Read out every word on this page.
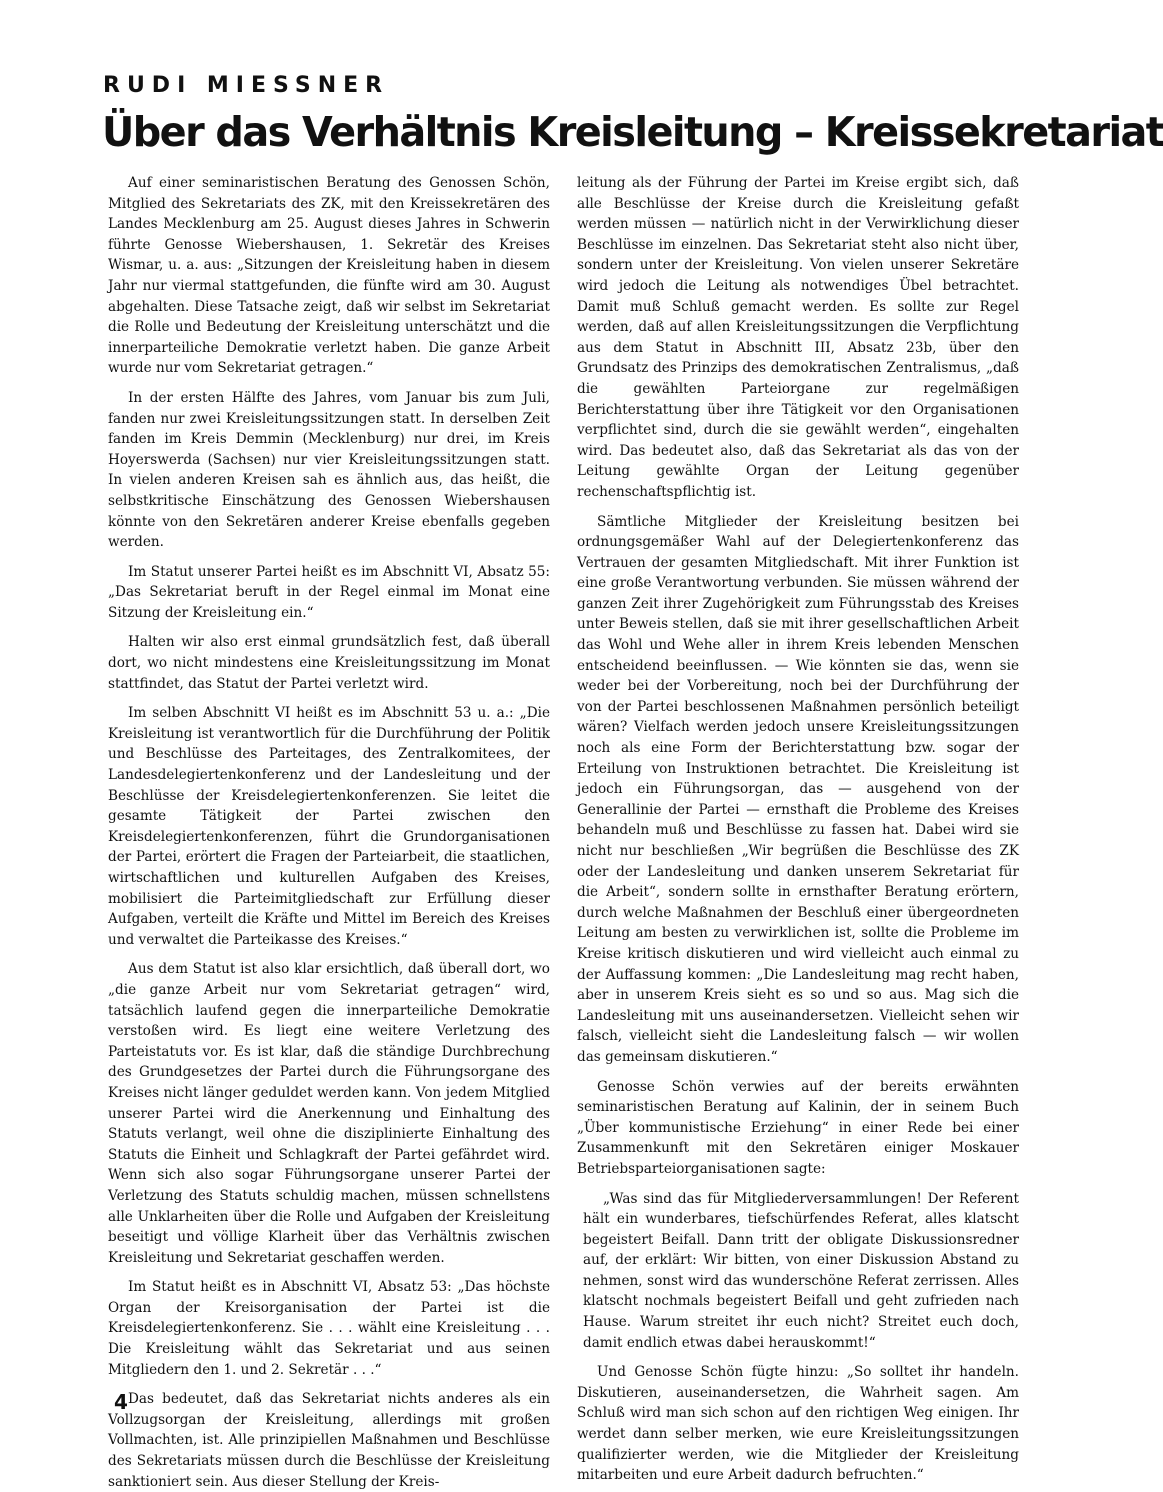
RUDI MIESSNER
Über das Verhältnis Kreisleitung – Kreissekretariat

Auf einer seminaristischen Beratung des Genossen Schön, Mitglied des Sekretariats des ZK, mit den Kreissekretären des Landes Mecklenburg am 25. August dieses Jahres in Schwerin führte Genosse Wiebershausen, 1. Sekretär des Kreises Wismar, u. a. aus: „Sitzungen der Kreisleitung haben in diesem Jahr nur viermal stattgefunden, die fünfte wird am 30. August abgehalten. Diese Tatsache zeigt, daß wir selbst im Sekretariat die Rolle und Bedeutung der Kreisleitung unterschätzt und die innerparteiliche Demokratie verletzt haben. Die ganze Arbeit wurde nur vom Sekretariat getragen.“

In der ersten Hälfte des Jahres, vom Januar bis zum Juli, fanden nur zwei Kreisleitungssitzungen statt. In derselben Zeit fanden im Kreis Demmin (Mecklenburg) nur drei, im Kreis Hoyerswerda (Sachsen) nur vier Kreisleitungssitzungen statt. In vielen anderen Kreisen sah es ähnlich aus, das heißt, die selbstkritische Einschätzung des Genossen Wiebershausen könnte von den Sekretären anderer Kreise ebenfalls gegeben werden.

Im Statut unserer Partei heißt es im Abschnitt VI, Absatz 55: „Das Sekretariat beruft in der Regel einmal im Monat eine Sitzung der Kreisleitung ein.“

Halten wir also erst einmal grundsätzlich fest, daß überall dort, wo nicht mindestens eine Kreisleitungssitzung im Monat stattfindet, das Statut der Partei verletzt wird.

Im selben Abschnitt VI heißt es im Abschnitt 53 u. a.: „Die Kreisleitung ist verantwortlich für die Durchführung der Politik und Beschlüsse des Parteitages, des Zentralkomitees, der Landesdelegiertenkonferenz und der Landesleitung und der Beschlüsse der Kreisdelegiertenkonferenzen. Sie leitet die gesamte Tätigkeit der Partei zwischen den Kreisdelegiertenkonferenzen, führt die Grundorganisationen der Partei, erörtert die Fragen der Parteiarbeit, die staatlichen, wirtschaftlichen und kulturellen Aufgaben des Kreises, mobilisiert die Parteimitgliedschaft zur Erfüllung dieser Aufgaben, verteilt die Kräfte und Mittel im Bereich des Kreises und verwaltet die Parteikasse des Kreises.“

Aus dem Statut ist also klar ersichtlich, daß überall dort, wo „die ganze Arbeit nur vom Sekretariat getragen“ wird, tatsächlich laufend gegen die innerparteiliche Demokratie verstoßen wird. Es liegt eine weitere Verletzung des Parteistatuts vor. Es ist klar, daß die ständige Durchbrechung des Grundgesetzes der Partei durch die Führungsorgane des Kreises nicht länger geduldet werden kann. Von jedem Mitglied unserer Partei wird die Anerkennung und Einhaltung des Statuts verlangt, weil ohne die disziplinierte Einhaltung des Statuts die Einheit und Schlagkraft der Partei gefährdet wird. Wenn sich also sogar Führungsorgane unserer Partei der Verletzung des Statuts schuldig machen, müssen schnellstens alle Unklarheiten über die Rolle und Aufgaben der Kreisleitung beseitigt und völlige Klarheit über das Verhältnis zwischen Kreisleitung und Sekretariat geschaffen werden.

Im Statut heißt es in Abschnitt VI, Absatz 53: „Das höchste Organ der Kreisorganisation der Partei ist die Kreisdelegiertenkonferenz. Sie . . . wählt eine Kreisleitung . . . Die Kreisleitung wählt das Sekretariat und aus seinen Mitgliedern den 1. und 2. Sekretär . . .“

Das bedeutet, daß das Sekretariat nichts anderes als ein Vollzugsorgan der Kreisleitung, allerdings mit großen Vollmachten, ist. Alle prinzipiellen Maßnahmen und Beschlüsse des Sekretariats müssen durch die Beschlüsse der Kreisleitung sanktioniert sein. Aus dieser Stellung der Kreis-

leitung als der Führung der Partei im Kreise ergibt sich, daß alle Beschlüsse der Kreise durch die Kreisleitung gefaßt werden müssen — natürlich nicht in der Verwirklichung dieser Beschlüsse im einzelnen. Das Sekretariat steht also nicht über, sondern unter der Kreisleitung. Von vielen unserer Sekretäre wird jedoch die Leitung als notwendiges Übel betrachtet. Damit muß Schluß gemacht werden. Es sollte zur Regel werden, daß auf allen Kreisleitungssitzungen die Verpflichtung aus dem Statut in Abschnitt III, Absatz 23b, über den Grundsatz des Prinzips des demokratischen Zentralismus, „daß die gewählten Parteiorgane zur regelmäßigen Berichterstattung über ihre Tätigkeit vor den Organisationen verpflichtet sind, durch die sie gewählt werden“, eingehalten wird. Das bedeutet also, daß das Sekretariat als das von der Leitung gewählte Organ der Leitung gegenüber rechenschaftspflichtig ist.

Sämtliche Mitglieder der Kreisleitung besitzen bei ordnungsgemäßer Wahl auf der Delegiertenkonferenz das Vertrauen der gesamten Mitgliedschaft. Mit ihrer Funktion ist eine große Verantwortung verbunden. Sie müssen während der ganzen Zeit ihrer Zugehörigkeit zum Führungsstab des Kreises unter Beweis stellen, daß sie mit ihrer gesellschaftlichen Arbeit das Wohl und Wehe aller in ihrem Kreis lebenden Menschen entscheidend beeinflussen. — Wie könnten sie das, wenn sie weder bei der Vorbereitung, noch bei der Durchführung der von der Partei beschlossenen Maßnahmen persönlich beteiligt wären? Vielfach werden jedoch unsere Kreisleitungssitzungen noch als eine Form der Berichterstattung bzw. sogar der Erteilung von Instruktionen betrachtet. Die Kreisleitung ist jedoch ein Führungsorgan, das — ausgehend von der Generallinie der Partei — ernsthaft die Probleme des Kreises behandeln muß und Beschlüsse zu fassen hat. Dabei wird sie nicht nur beschließen „Wir begrüßen die Beschlüsse des ZK oder der Landesleitung und danken unserem Sekretariat für die Arbeit“, sondern sollte in ernsthafter Beratung erörtern, durch welche Maßnahmen der Beschluß einer übergeordneten Leitung am besten zu verwirklichen ist, sollte die Probleme im Kreise kritisch diskutieren und wird vielleicht auch einmal zu der Auffassung kommen: „Die Landesleitung mag recht haben, aber in unserem Kreis sieht es so und so aus. Mag sich die Landesleitung mit uns auseinandersetzen. Vielleicht sehen wir falsch, vielleicht sieht die Landesleitung falsch — wir wollen das gemeinsam diskutieren.“

Genosse Schön verwies auf der bereits erwähnten seminaristischen Beratung auf Kalinin, der in seinem Buch „Über kommunistische Erziehung“ in einer Rede bei einer Zusammenkunft mit den Sekretären einiger Moskauer Betriebsparteiorganisationen sagte:

„Was sind das für Mitgliederversammlungen! Der Referent hält ein wunderbares, tiefschürfendes Referat, alles klatscht begeistert Beifall. Dann tritt der obligate Diskussionsredner auf, der erklärt: Wir bitten, von einer Diskussion Abstand zu nehmen, sonst wird das wunderschöne Referat zerrissen. Alles klatscht nochmals begeistert Beifall und geht zufrieden nach Hause. Warum streitet ihr euch nicht? Streitet euch doch, damit endlich etwas dabei herauskommt!“

Und Genosse Schön fügte hinzu: „So solltet ihr handeln. Diskutieren, auseinandersetzen, die Wahrheit sagen. Am Schluß wird man sich schon auf den richtigen Weg einigen. Ihr werdet dann selber merken, wie eure Kreisleitungssitzungen qualifizierter werden, wie die Mitglieder der Kreisleitung mitarbeiten und eure Arbeit dadurch befruchten.“

4
